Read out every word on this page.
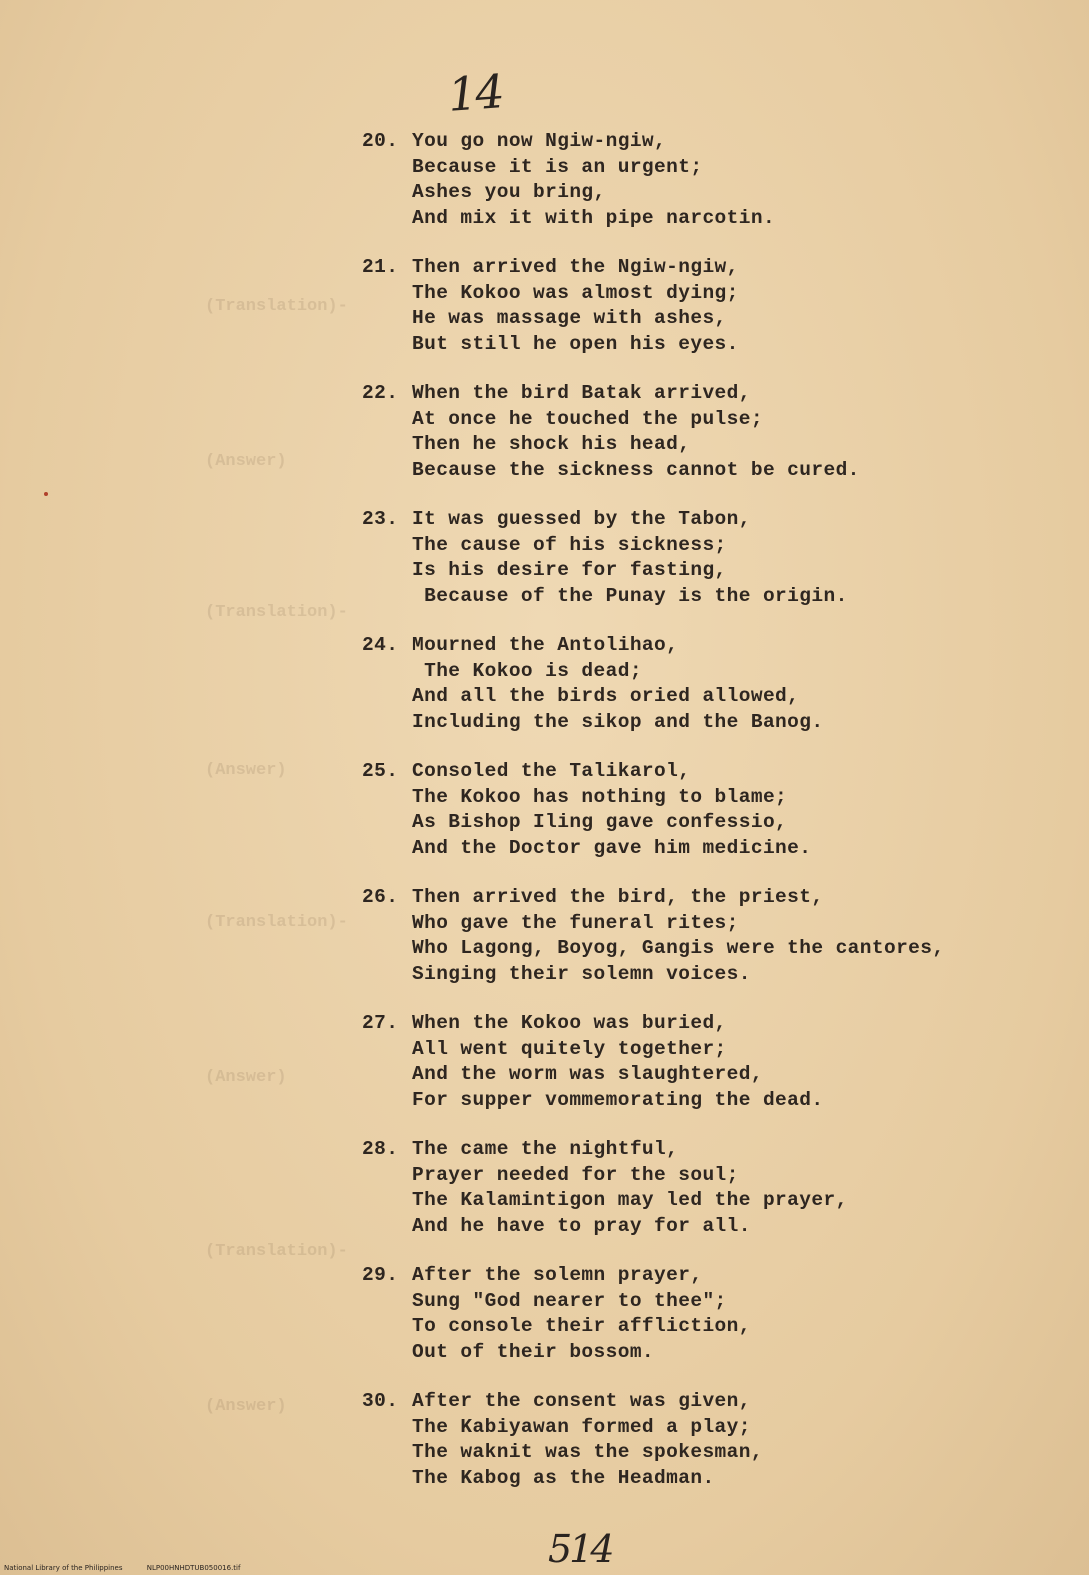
14
(Translation)-
(Answer)
(Translation)-
(Answer)
(Translation)-
(Answer)
(Translation)-
(Answer)
20. You go now Ngiw-ngiw,
Because it is an urgent;
Ashes you bring,
And mix it with pipe narcotin.
21. Then arrived the Ngiw-ngiw,
The Kokoo was almost dying;
He was massage with ashes,
But still he open his eyes.
22. When the bird Batak arrived,
At once he touched the pulse;
Then he shock his head,
Because the sickness cannot be cured.
23. It was guessed by the Tabon,
The cause of his sickness;
Is his desire for fasting,
Because of the Punay is the origin.
24. Mourned the Antolihao,
The Kokoo is dead;
And all the birds oried allowed,
Including the sikop and the Banog.
25. Consoled the Talikarol,
The Kokoo has nothing to blame;
As Bishop Iling gave confessio,
And the Doctor gave him medicine.
26. Then arrived the bird, the priest,
Who gave the funeral rites;
Who Lagong, Boyog, Gangis were the cantores,
Singing their solemn voices.
27. When the Kokoo was buried,
All went quitely together;
And the worm was slaughtered,
For supper vommemorating the dead.
28. The came the nightful,
Prayer needed for the soul;
The Kalamintigon may led the prayer,
And he have to pray for all.
29. After the solemn prayer,
Sung "God nearer to thee";
To console their affliction,
Out of their bossom.
30. After the consent was given,
The Kabiyawan formed a play;
The waknit was the spokesman,
The Kabog as the Headman.
514
National Library of the Philippines	NLP00HNHDTUB050016.tif
